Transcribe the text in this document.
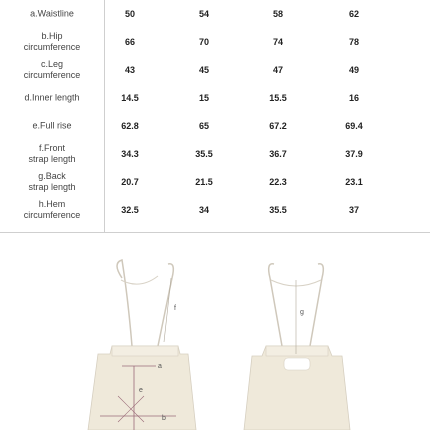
a.Waistline	50	54	58	62
b.Hip
circumference	66	70	74	78
c.Leg
circumference	43	45	47	49
d.Inner length	14.5	15	15.5	16
e.Full rise	62.8	65	67.2	69.4
f.Front
strap length	34.3	35.5	36.7	37.9
g.Back
strap length	20.7	21.5	22.3	23.1
h.Hem
circumference	32.5	34	35.5	37
a
e
b
f
g
